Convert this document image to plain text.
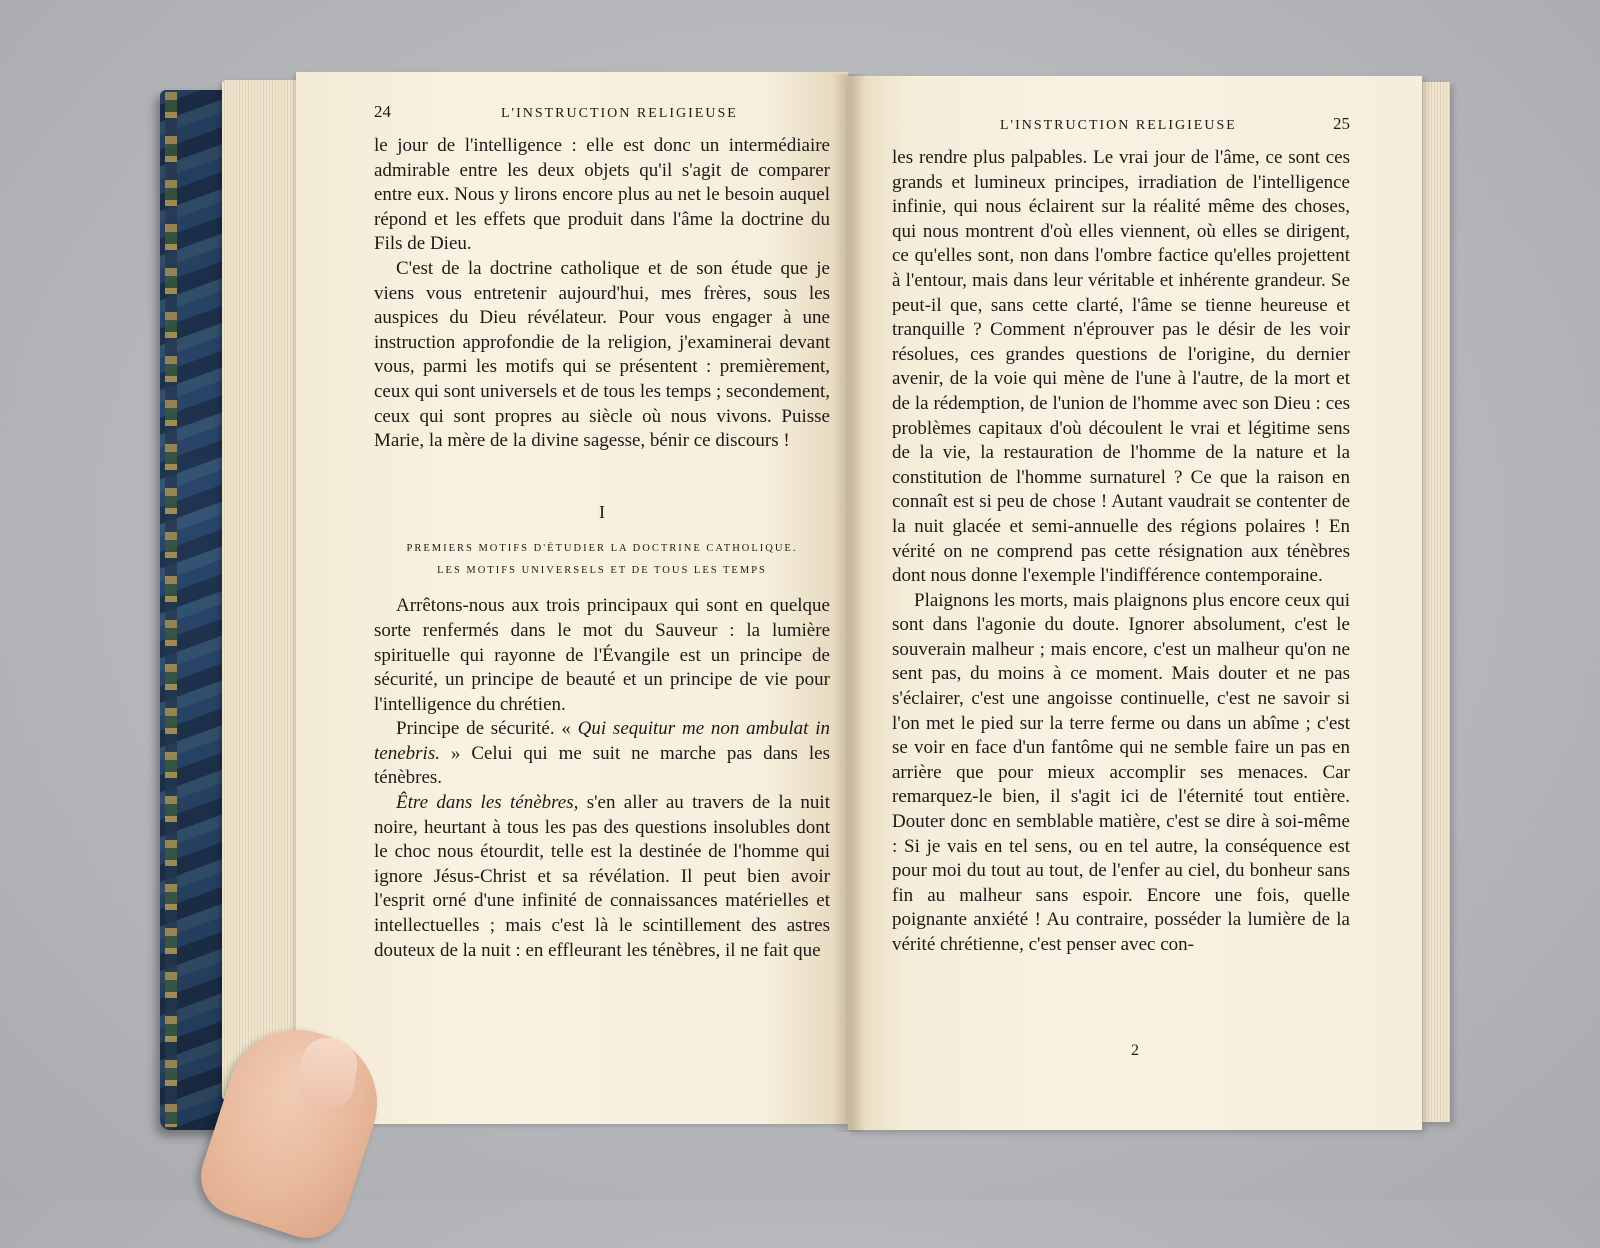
24	L'INSTRUCTION RELIGIEUSE

le jour de l'intelligence : elle est donc un intermédiaire admirable entre les deux objets qu'il s'agit de comparer entre eux. Nous y lirons encore plus au net le besoin auquel répond et les effets que produit dans l'âme la doctrine du Fils de Dieu.

C'est de la doctrine catholique et de son étude que je viens vous entretenir aujourd'hui, mes frères, sous les auspices du Dieu révélateur. Pour vous engager à une instruction approfondie de la religion, j'examinerai devant vous, parmi les motifs qui se présentent : premièrement, ceux qui sont universels et de tous les temps ; secondement, ceux qui sont propres au siècle où nous vivons. Puisse Marie, la mère de la divine sagesse, bénir ce discours !

I
PREMIERS MOTIFS D'ÉTUDIER LA DOCTRINE CATHOLIQUE.
LES MOTIFS UNIVERSELS ET DE TOUS LES TEMPS

Arrêtons-nous aux trois principaux qui sont en quelque sorte renfermés dans le mot du Sauveur : la lumière spirituelle qui rayonne de l'Évangile est un principe de sécurité, un principe de beauté et un principe de vie pour l'intelligence du chrétien.

Principe de sécurité. « Qui sequitur me non ambulat in tenebris. » Celui qui me suit ne marche pas dans les ténèbres.

Être dans les ténèbres, s'en aller au travers de la nuit noire, heurtant à tous les pas des questions insolubles dont le choc nous étourdit, telle est la destinée de l'homme qui ignore Jésus-Christ et sa révélation. Il peut bien avoir l'esprit orné d'une infinité de connaissances matérielles et intellectuelles ; mais c'est là le scintillement des astres douteux de la nuit : en effleurant les ténèbres, il ne fait que

L'INSTRUCTION RELIGIEUSE	25

les rendre plus palpables. Le vrai jour de l'âme, ce sont ces grands et lumineux principes, irradiation de l'intelligence infinie, qui nous éclairent sur la réalité même des choses, qui nous montrent d'où elles viennent, où elles se dirigent, ce qu'elles sont, non dans l'ombre factice qu'elles projettent à l'entour, mais dans leur véritable et inhérente grandeur. Se peut-il que, sans cette clarté, l'âme se tienne heureuse et tranquille ? Comment n'éprouver pas le désir de les voir résolues, ces grandes questions de l'origine, du dernier avenir, de la voie qui mène de l'une à l'autre, de la mort et de la rédemption, de l'union de l'homme avec son Dieu : ces problèmes capitaux d'où découlent le vrai et légitime sens de la vie, la restauration de l'homme de la nature et la constitution de l'homme surnaturel ? Ce que la raison en connaît est si peu de chose ! Autant vaudrait se contenter de la nuit glacée et semi-annuelle des régions polaires ! En vérité on ne comprend pas cette résignation aux ténèbres dont nous donne l'exemple l'indifférence contemporaine.

Plaignons les morts, mais plaignons plus encore ceux qui sont dans l'agonie du doute. Ignorer absolument, c'est le souverain malheur ; mais encore, c'est un malheur qu'on ne sent pas, du moins à ce moment. Mais douter et ne pas s'éclairer, c'est une angoisse continuelle, c'est ne savoir si l'on met le pied sur la terre ferme ou dans un abîme ; c'est se voir en face d'un fantôme qui ne semble faire un pas en arrière que pour mieux accomplir ses menaces. Car remarquez-le bien, il s'agit ici de l'éternité tout entière. Douter donc en semblable matière, c'est se dire à soi-même : Si je vais en tel sens, ou en tel autre, la conséquence est pour moi du tout au tout, de l'enfer au ciel, du bonheur sans fin au malheur sans espoir. Encore une fois, quelle poignante anxiété ! Au contraire, posséder la lumière de la vérité chrétienne, c'est penser avec con-

2
